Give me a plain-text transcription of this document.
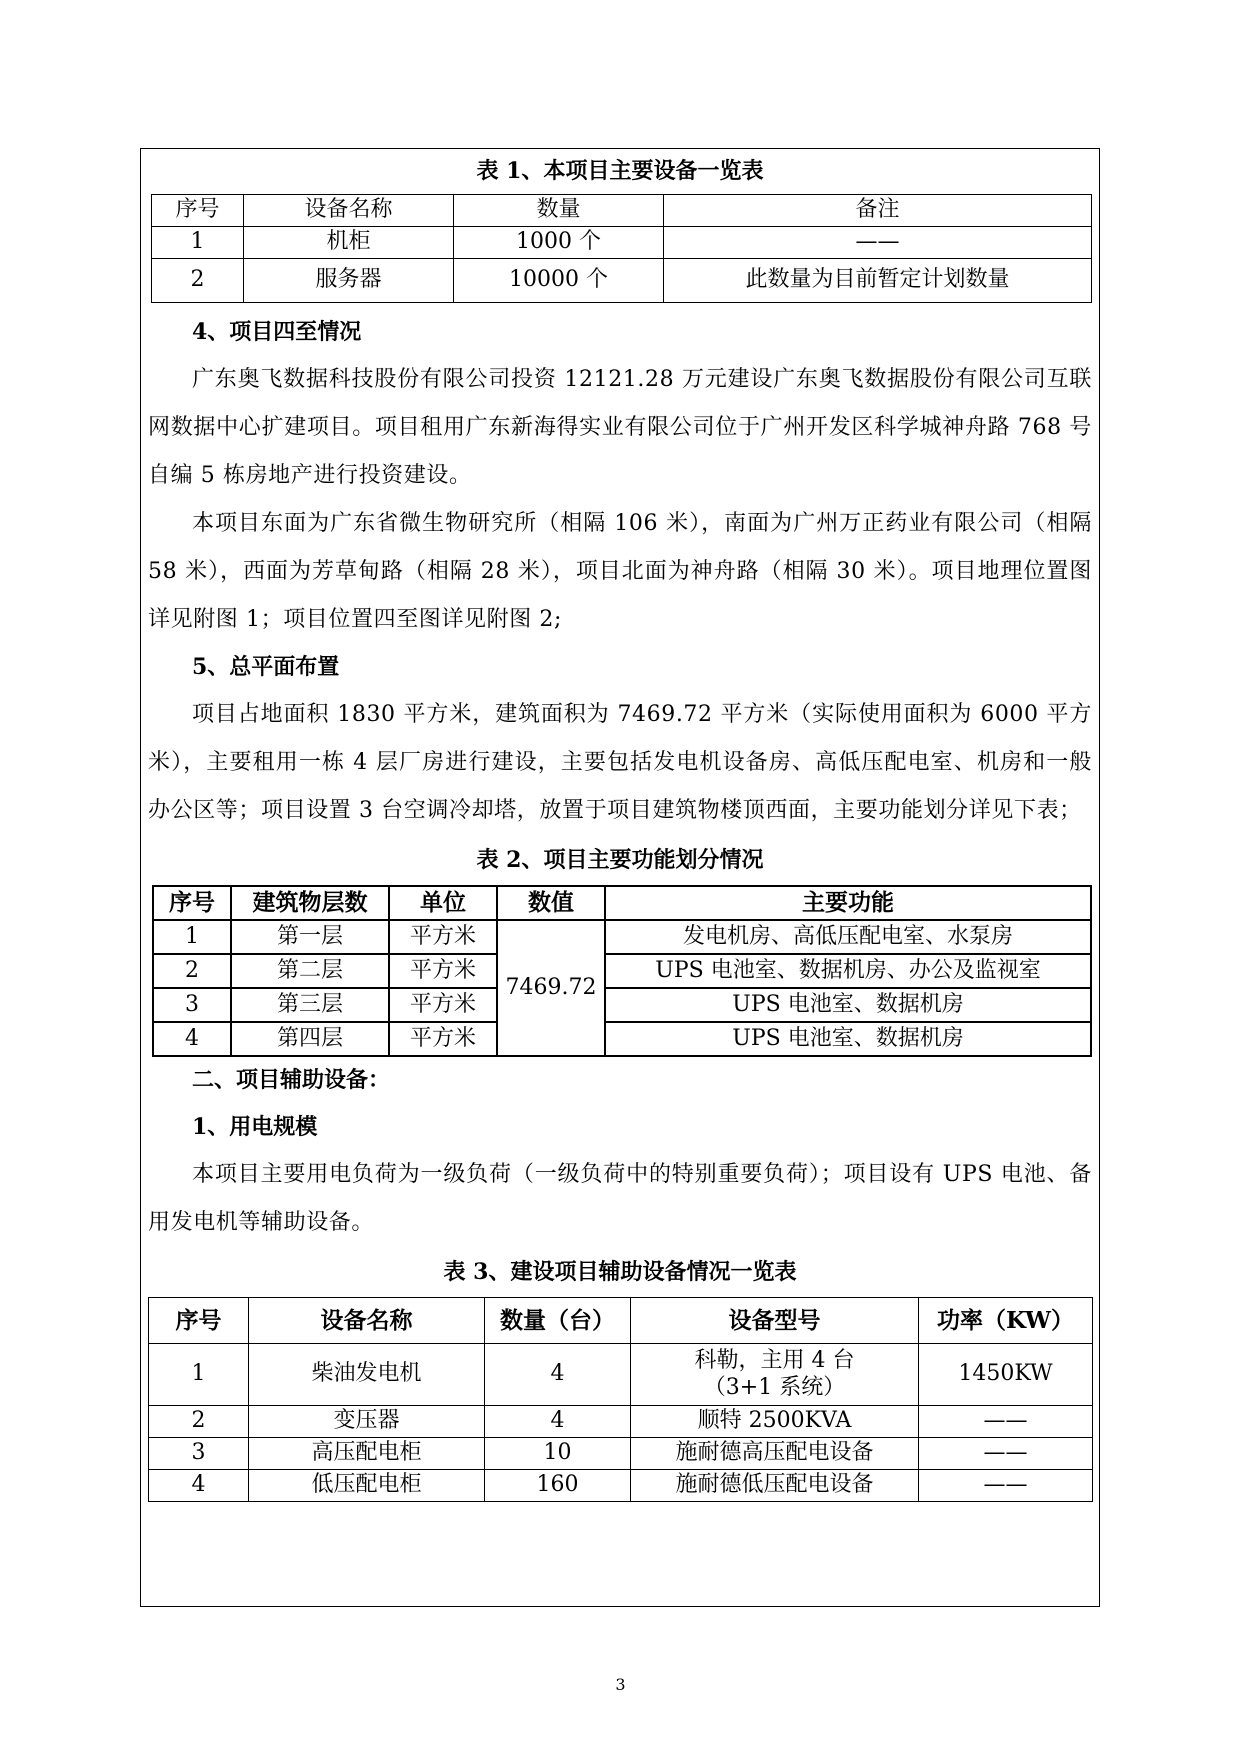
表 1、本项目主要设备一览表
序号	设备名称	数量	备注
1	机柜	1000 个	——
2	服务器	10000 个	此数量为目前暂定计划数量
4、项目四至情况
广东奥飞数据科技股份有限公司投资 12121.28 万元建设广东奥飞数据股份有限公司互联网数据中心扩建项目。项目租用广东新海得实业有限公司位于广州开发区科学城神舟路 768 号自编 5 栋房地产进行投资建设。
本项目东面为广东省微生物研究所（相隔 106 米），南面为广州万正药业有限公司（相隔 58 米），西面为芳草甸路（相隔 28 米），项目北面为神舟路（相隔 30 米）。项目地理位置图详见附图 1；项目位置四至图详见附图 2;
5、总平面布置
项目占地面积 1830 平方米，建筑面积为 7469.72 平方米（实际使用面积为 6000 平方米），主要租用一栋 4 层厂房进行建设，主要包括发电机设备房、高低压配电室、机房和一般办公区等；项目设置 3 台空调冷却塔，放置于项目建筑物楼顶西面，主要功能划分详见下表；
表 2、项目主要功能划分情况
序号	建筑物层数	单位	数值	主要功能
1	第一层	平方米	7469.72	发电机房、高低压配电室、水泵房
2	第二层	平方米		UPS 电池室、数据机房、办公及监视室
3	第三层	平方米		UPS 电池室、数据机房
4	第四层	平方米		UPS 电池室、数据机房
二、项目辅助设备：
1、用电规模
本项目主要用电负荷为一级负荷（一级负荷中的特别重要负荷）；项目设有 UPS 电池、备用发电机等辅助设备。
表 3、建设项目辅助设备情况一览表
序号	设备名称	数量（台）	设备型号	功率（KW）
1	柴油发电机	4	科勒，主用 4 台
（3+1 系统）	1450KW
2	变压器	4	顺特 2500KVA	——
3	高压配电柜	10	施耐德高压配电设备	——
4	低压配电柜	160	施耐德低压配电设备	——
3
